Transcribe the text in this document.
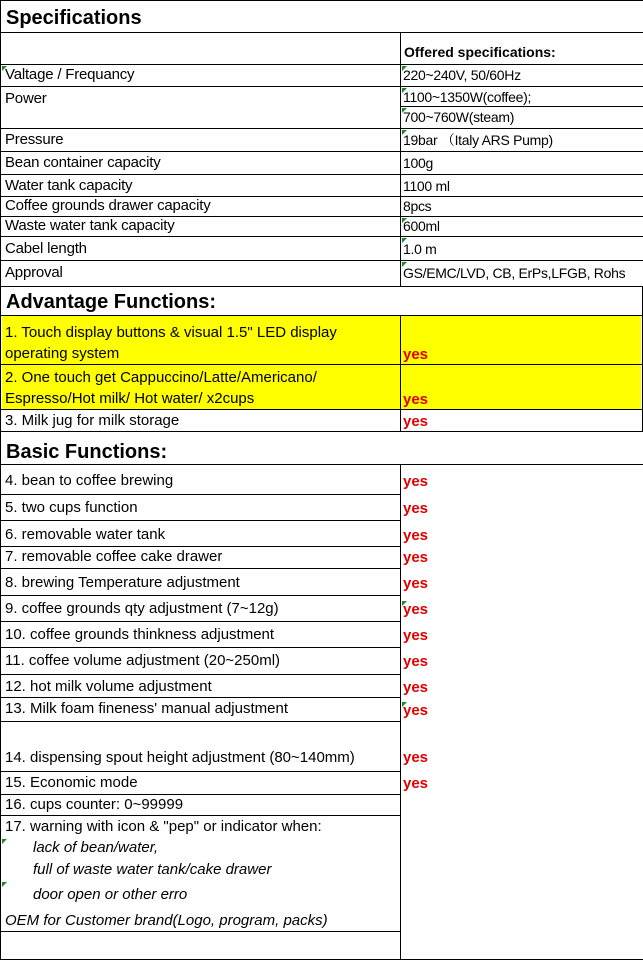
Specifications
Offered specifications:
Valtage / Frequancy	220~240V, 50/60Hz
Power	1100~1350W(coffee);
700~760W(steam)
Pressure	19bar （Italy ARS Pump)
Bean container capacity	100g
Water tank capacity	1100 ml
Coffee grounds drawer capacity	8pcs
Waste water tank capacity	600ml
Cabel length	1.0 m
Approval	GS/EMC/LVD, CB, ErPs,LFGB, Rohs
Advantage Functions:
1. Touch display buttons & visual 1.5" LED display
operating system	yes
2. One touch get Cappuccino/Latte/Americano/
Espresso/Hot milk/ Hot water/ x2cups	yes
3. Milk jug for milk storage	yes
Basic Functions:
4. bean to coffee brewing	yes
5. two cups function	yes
6. removable water tank	yes
7. removable coffee cake drawer	yes
8. brewing Temperature adjustment	yes
9. coffee grounds qty adjustment (7~12g)	yes
10. coffee grounds thinkness adjustment	yes
11. coffee volume adjustment (20~250ml)	yes
12. hot milk volume adjustment	yes
13. Milk foam fineness' manual adjustment	yes
14. dispensing spout height adjustment (80~140mm)	yes
15. Economic mode	yes
16. cups counter: 0~99999
17. warning with icon & "pep" or indicator when:
lack of bean/water,
full of waste water tank/cake drawer
door open or other erro
OEM for Customer brand(Logo, program, packs)
